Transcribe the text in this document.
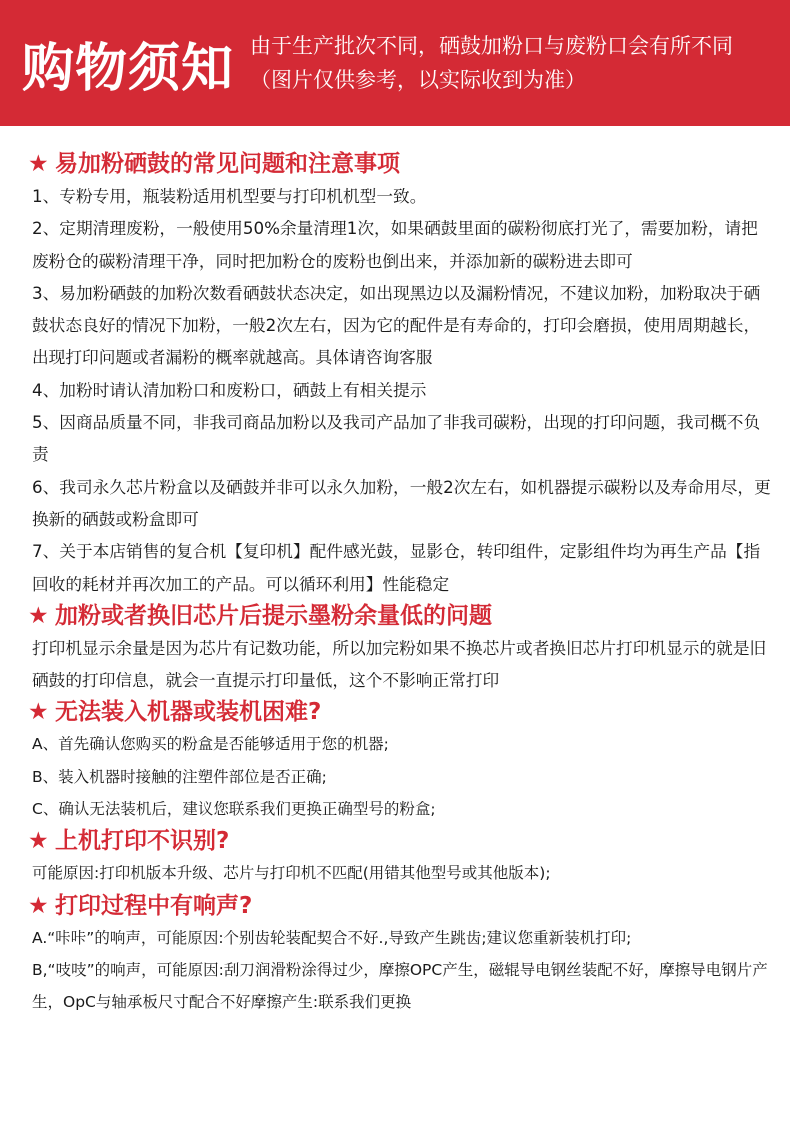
购物须知 由于生产批次不同，硒鼓加粉口与废粉口会有所不同
（图片仅供参考，以实际收到为准）
★ 易加粉硒鼓的常见问题和注意事项

1、专粉专用，瓶装粉适用机型要与打印机机型一致。

2、定期清理废粉，一般使用50%余量清理1次，如果硒鼓里面的碳粉彻底打光了，需要加粉，请把废粉仓的碳粉清理干净，同时把加粉仓的废粉也倒出来，并添加新的碳粉进去即可

3、易加粉硒鼓的加粉次数看硒鼓状态决定，如出现黑边以及漏粉情况，不建议加粉，加粉取决于硒鼓状态良好的情况下加粉，一般2次左右，因为它的配件是有寿命的，打印会磨损，使用周期越长，出现打印问题或者漏粉的概率就越高。具体请咨询客服

4、加粉时请认清加粉口和废粉口，硒鼓上有相关提示

5、因商品质量不同，非我司商品加粉以及我司产品加了非我司碳粉，出现的打印问题，我司概不负责

6、我司永久芯片粉盒以及硒鼓并非可以永久加粉，一般2次左右，如机器提示碳粉以及寿命用尽，更换新的硒鼓或粉盒即可

7、关于本店销售的复合机【复印机】配件感光鼓，显影仓，转印组件，定影组件均为再生产品【指回收的耗材并再次加工的产品。可以循环利用】性能稳定

★ 加粉或者换旧芯片后提示墨粉余量低的问题

打印机显示余量是因为芯片有记数功能，所以加完粉如果不换芯片或者换旧芯片打印机显示的就是旧硒鼓的打印信息，就会一直提示打印量低，这个不影响正常打印

★ 无法装入机器或装机困难?

A、首先确认您购买的粉盒是否能够适用于您的机器;

B、装入机器时接触的注塑件部位是否正确;

C、确认无法装机后，建议您联系我们更换正确型号的粉盒;

★ 上机打印不识别?

可能原因:打印机版本升级、芯片与打印机不匹配(用错其他型号或其他版本);

★ 打印过程中有响声?

A.“咔咔”的响声，可能原因:个别齿轮装配契合不好.,导致产生跳齿;建议您重新装机打印;

B,“吱吱”的响声，可能原因:刮刀润滑粉涂得过少，摩擦OPC产生，磁辊导电钢丝装配不好，摩擦导电钢片产生，OpC与轴承板尺寸配合不好摩擦产生:联系我们更换
